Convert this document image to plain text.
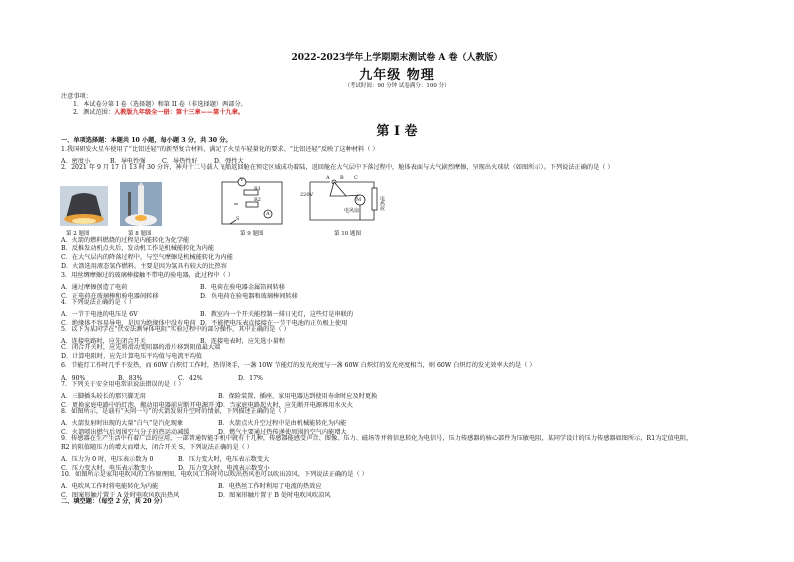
2022-2023学年上学期期末测试卷 A 卷（人教版）
九年级 物理
（考试时间：90 分钟 试卷满分：100 分）
注意事项：
1．本试卷分第 I 卷（选择题）和第 II 卷（非选择题）两部分。
2．测试范围：人教版九年级全一册：第十三章——第十九章。
第 I 卷
一、单项选择题：本题共 10 小题，每小题 3 分，共 30 分。
1.我国研发火星车使用了“比铝还轻”的新型复合材料，满足了火星车轻量化的要求。“比铝还轻”反映了这种材料（ ）
A．密度小	B．导电性强	C．导热性好	D．弹性大
2．2021 年 9 月 17 日 13 时 30 分许，神舟十二号载人飞船返回舱在预定区域成功着陆，返回舱在大气层中下落过程中，舱体表面与大气剧烈摩擦，呈现出火球状（如图所示）。下列说法正确的是（ ）
V
R1
R2
A
S
220V
M
电风扇	电热丝
A B C
第 2 题图	第 8 题图	第 9 题图	第 10 题图
A．火箭的燃料燃烧的过程是内能转化为化学能
B．反推发动机点火后，发动机工作是机械能转化为内能
C．在大气层内的降落过程中，与空气摩擦是机械能转化为内能
D．火箭选用液态氢作燃料，主要是因为氢具有较大的比热容
3．用丝绸摩擦过的玻璃棒接触不带电的验电器，此过程中（ ）
A．通过摩擦创造了电荷	B．电荷在验电器金属箔间转移
C．正电荷在玻璃棒和验电器间转移	D．负电荷在验电器和玻璃棒间转移
4．下列说法正确的是（ ）
A．一节干电池的电压是 6V	B．教室内一个开关能控制一排日光灯，这些灯是串联的
C．绝缘体不容易导电，是因为绝缘体中没有电荷 D．不能把电压表直接接在一节干电池的正负极上使用
5．以下为某同学在“伏安法测导体电阻”实验过程中的部分操作，其中正确的是（ ）
A．连接电路时，应先闭合开关	B．连接电表时，应先选小量程
C．闭合开关时，应先将滑动变阻器的滑片移到阻值最大端
D．计算电阻时，应先计算电压平均值与电流平均值
6．节能灯工作时几乎不发热，而 60W 白炽灯工作时，热得烫手，一盏 10W 节能灯的发光亮度与一盏 60W 白炽灯的发光亮度相当，则 60W 白炽灯的发光效率大约是（ ）
A．90%	B．83%	C．42%	D．17%
7．下列关于安全用电常识说法错误的是（ ）
A．三脚插头较长的那只脚无用	B．保险装置、插座、家用电器达到使用寿命时应及时更换
C．更换家庭电路中的灯泡、搬动用电器前应断开电源开关
D．当家庭电路起火时，应先断开电源再用水灭火
8．如图所示，是载有“天问一号”的火箭发射升空时的情景，下列描述正确的是（ ）
A．火箭发射时出现的大量“白气”是汽化现象	B．火箭点火升空过程中是由机械能转化为内能
C．火箭喷出燃气后周围空气分子的热运动减缓	D．燃气主要通过热传递使周围的空气内能增大
9．传感器在生产生活中有着广泛的应用，一部普通智能手机中就有十几种，传感器能感受声音、图像、压力、磁场等并将信息转化为电信号，压力传感器的核心部件为压敏电阻，某同学设计的压力传感器如图所示，R1为定值电阻，
R2 的阻值随压力的增大而增大，闭合开关 S，下列说法正确的是（ ）
A．压力为 0 时，电压表示数为 0	B．压力变大时，电压表示数变大
C．压力变大时，电压表示数变小	D．压力变大时，电流表示数变小
10．如图所示是家用电吹风的工作原理图，电吹风工作时可以吹出热风也可以吹出凉风。下列说法正确的是（ ）
A．电吹风工作时将电能转化为内能	B．电热丝工作时利用了电流的热效应
C．图案形触片置于 A 处时电吹风吹出热风	D．图案形触片置于 B 处时电吹风吹凉风
二、填空题：（每空 2 分，共 20 分）
